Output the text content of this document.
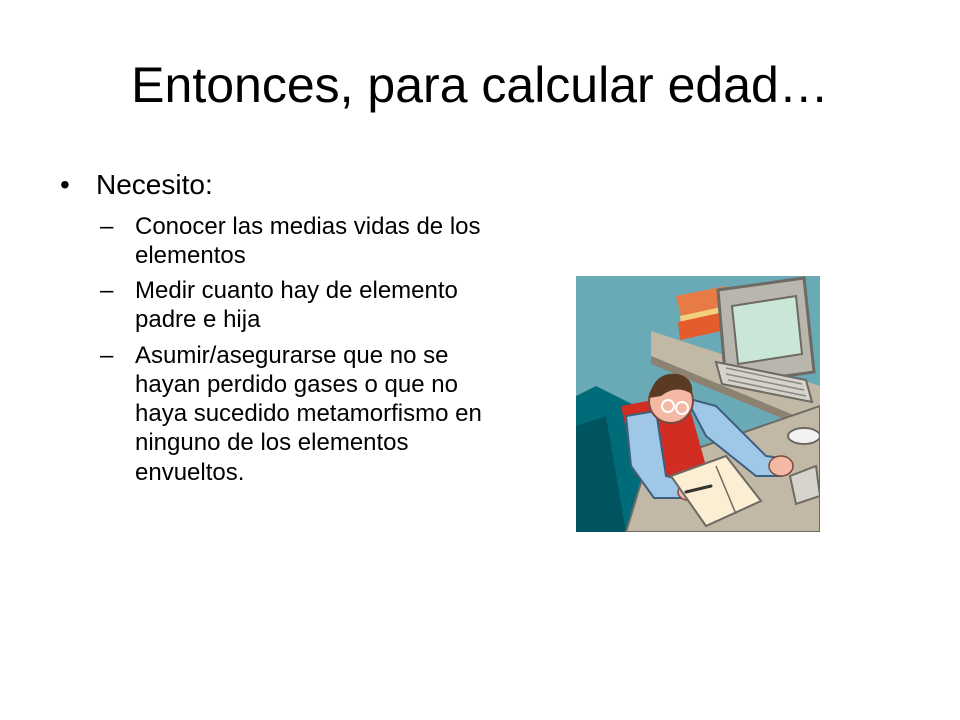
Entonces, para calcular edad…
• Necesito:
– Conocer las medias vidas de los elementos
– Medir cuanto hay de elemento padre e hija
– Asumir/asegurarse que no se hayan perdido gases o que no haya sucedido metamorfismo en ninguno de los elementos envueltos.
